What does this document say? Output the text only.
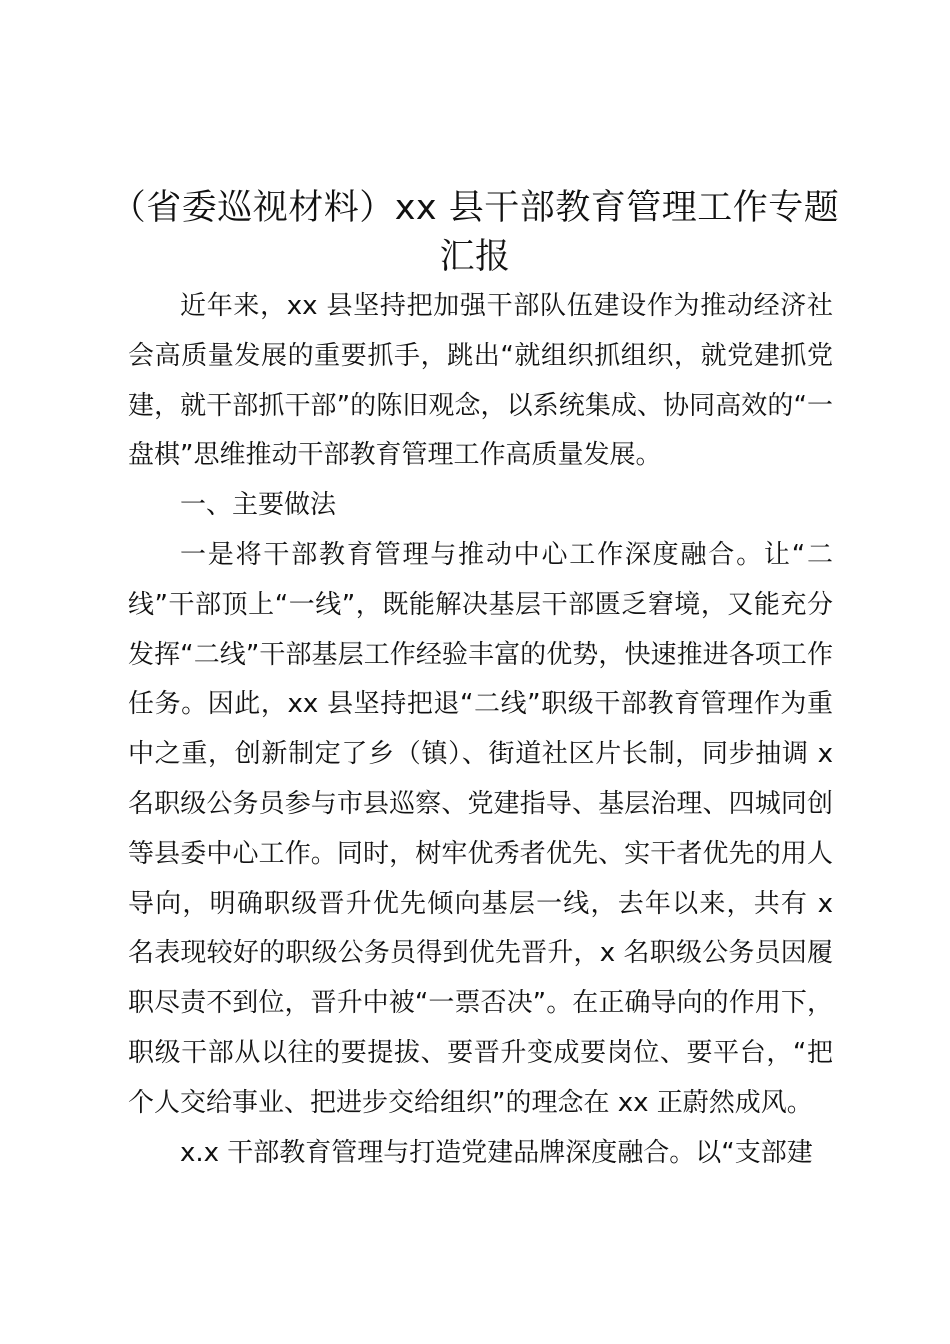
（省委巡视材料）xx 县干部教育管理工作专题汇报

近年来，xx 县坚持把加强干部队伍建设作为推动经济社会高质量发展的重要抓手，跳出“就组织抓组织，就党建抓党建，就干部抓干部”的陈旧观念，以系统集成、协同高效的“一盘棋”思维推动干部教育管理工作高质量发展。

一、主要做法

一是将干部教育管理与推动中心工作深度融合。让“二线”干部顶上“一线”，既能解决基层干部匮乏窘境，又能充分发挥“二线”干部基层工作经验丰富的优势，快速推进各项工作任务。因此，xx 县坚持把退“二线”职级干部教育管理作为重中之重，创新制定了乡（镇）、街道社区片长制，同步抽调 x 名职级公务员参与市县巡察、党建指导、基层治理、四城同创等县委中心工作。同时，树牢优秀者优先、实干者优先的用人导向，明确职级晋升优先倾向基层一线，去年以来，共有 x 名表现较好的职级公务员得到优先晋升，x 名职级公务员因履职尽责不到位，晋升中被“一票否决”。在正确导向的作用下，职级干部从以往的要提拔、要晋升变成要岗位、要平台，“把个人交给事业、把进步交给组织”的理念在 xx 正蔚然成风。

x.x 干部教育管理与打造党建品牌深度融合。以“支部建
